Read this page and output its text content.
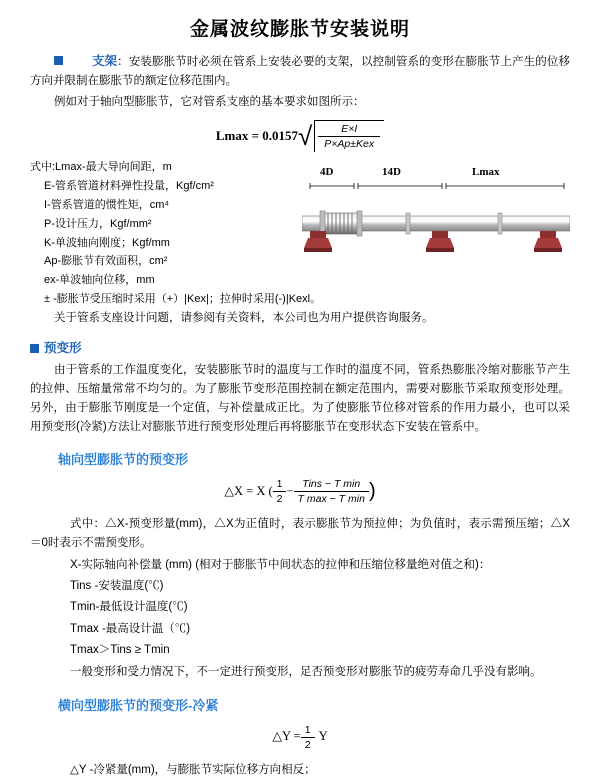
金属波纹膨胀节安装说明
支架：安装膨胀节时必须在管系上安装必要的支架，以控制管系的变形在膨胀节上产生的位移方向并限制在膨胀节的额定位移范围内。
例如对于轴向型膨胀节，它对管系支座的基本要求如图所示：
$Lmax = 0.0157√ \frac{E\times I}{\text{P×Ap±Kex}}$
式中:Lmax-最大导向间距，m
E-管系管道材料弹性投量，Kgf/cm²
I-管系管道的惯性矩，cm⁴
P-设计压力，Kgf/mm²
K-单波轴向刚度；Kgf/mm
Ap-膨胀节有效面积，cm²
ex-单波轴向位移，mm
± -膨胀节受压缩时采用（+）|Kex|；拉伸时采用(-)|Kexl。
4D	14D	Lmax
关于管系支座设计问题，请参阅有关资料，本公司也为用户提供咨询服务。
预变形
由于管系的工作温度变化，安装膨胀节时的温度与工作时的温度不同，管系热膨胀冷缩对膨胀节产生的拉伸、压缩量常常不均匀的。为了膨胀节变形范围控制在额定范围内，需要对膨胀节采取预变形处理。另外，由于膨胀节刚度是一个定值，与补偿量成正比。为了使膨胀节位移对管系的作用力最小，也可以采用预变形(冷紧)方法让对膨胀节进行预变形处理后再将膨胀节在变形状态下安装在管系中。
轴向型膨胀节的预变形
△X = X ( $\frac{1}{2} - \frac{\text{Tins − T min}}{\text{T max − T min}}$ )
式中：△X-预变形量(mm)，△X为正值时，表示膨胀节为预拉伸；为负值时，表示需预压缩；△X＝0时表示不需预变形。
X-实际轴向补偿量 (mm) (相对于膨胀节中间状态的拉伸和压缩位移量绝对值之和)：
Tins -安装温度(℃)
Tmin-最低设计温度(℃)
Tmax -最高设计温（℃)
Tmax＞Tins ≥ Tmin
一般变形和受力情况下，不一定进行预变形，足否预变形对膨胀节的疲劳寿命几乎没有影响。
横向型膨胀节的预变形-冷紧
△Y = $\frac{1}{2}$ Y
△Y -冷紧量(mm)，与膨胀节实际位移方向相反；
